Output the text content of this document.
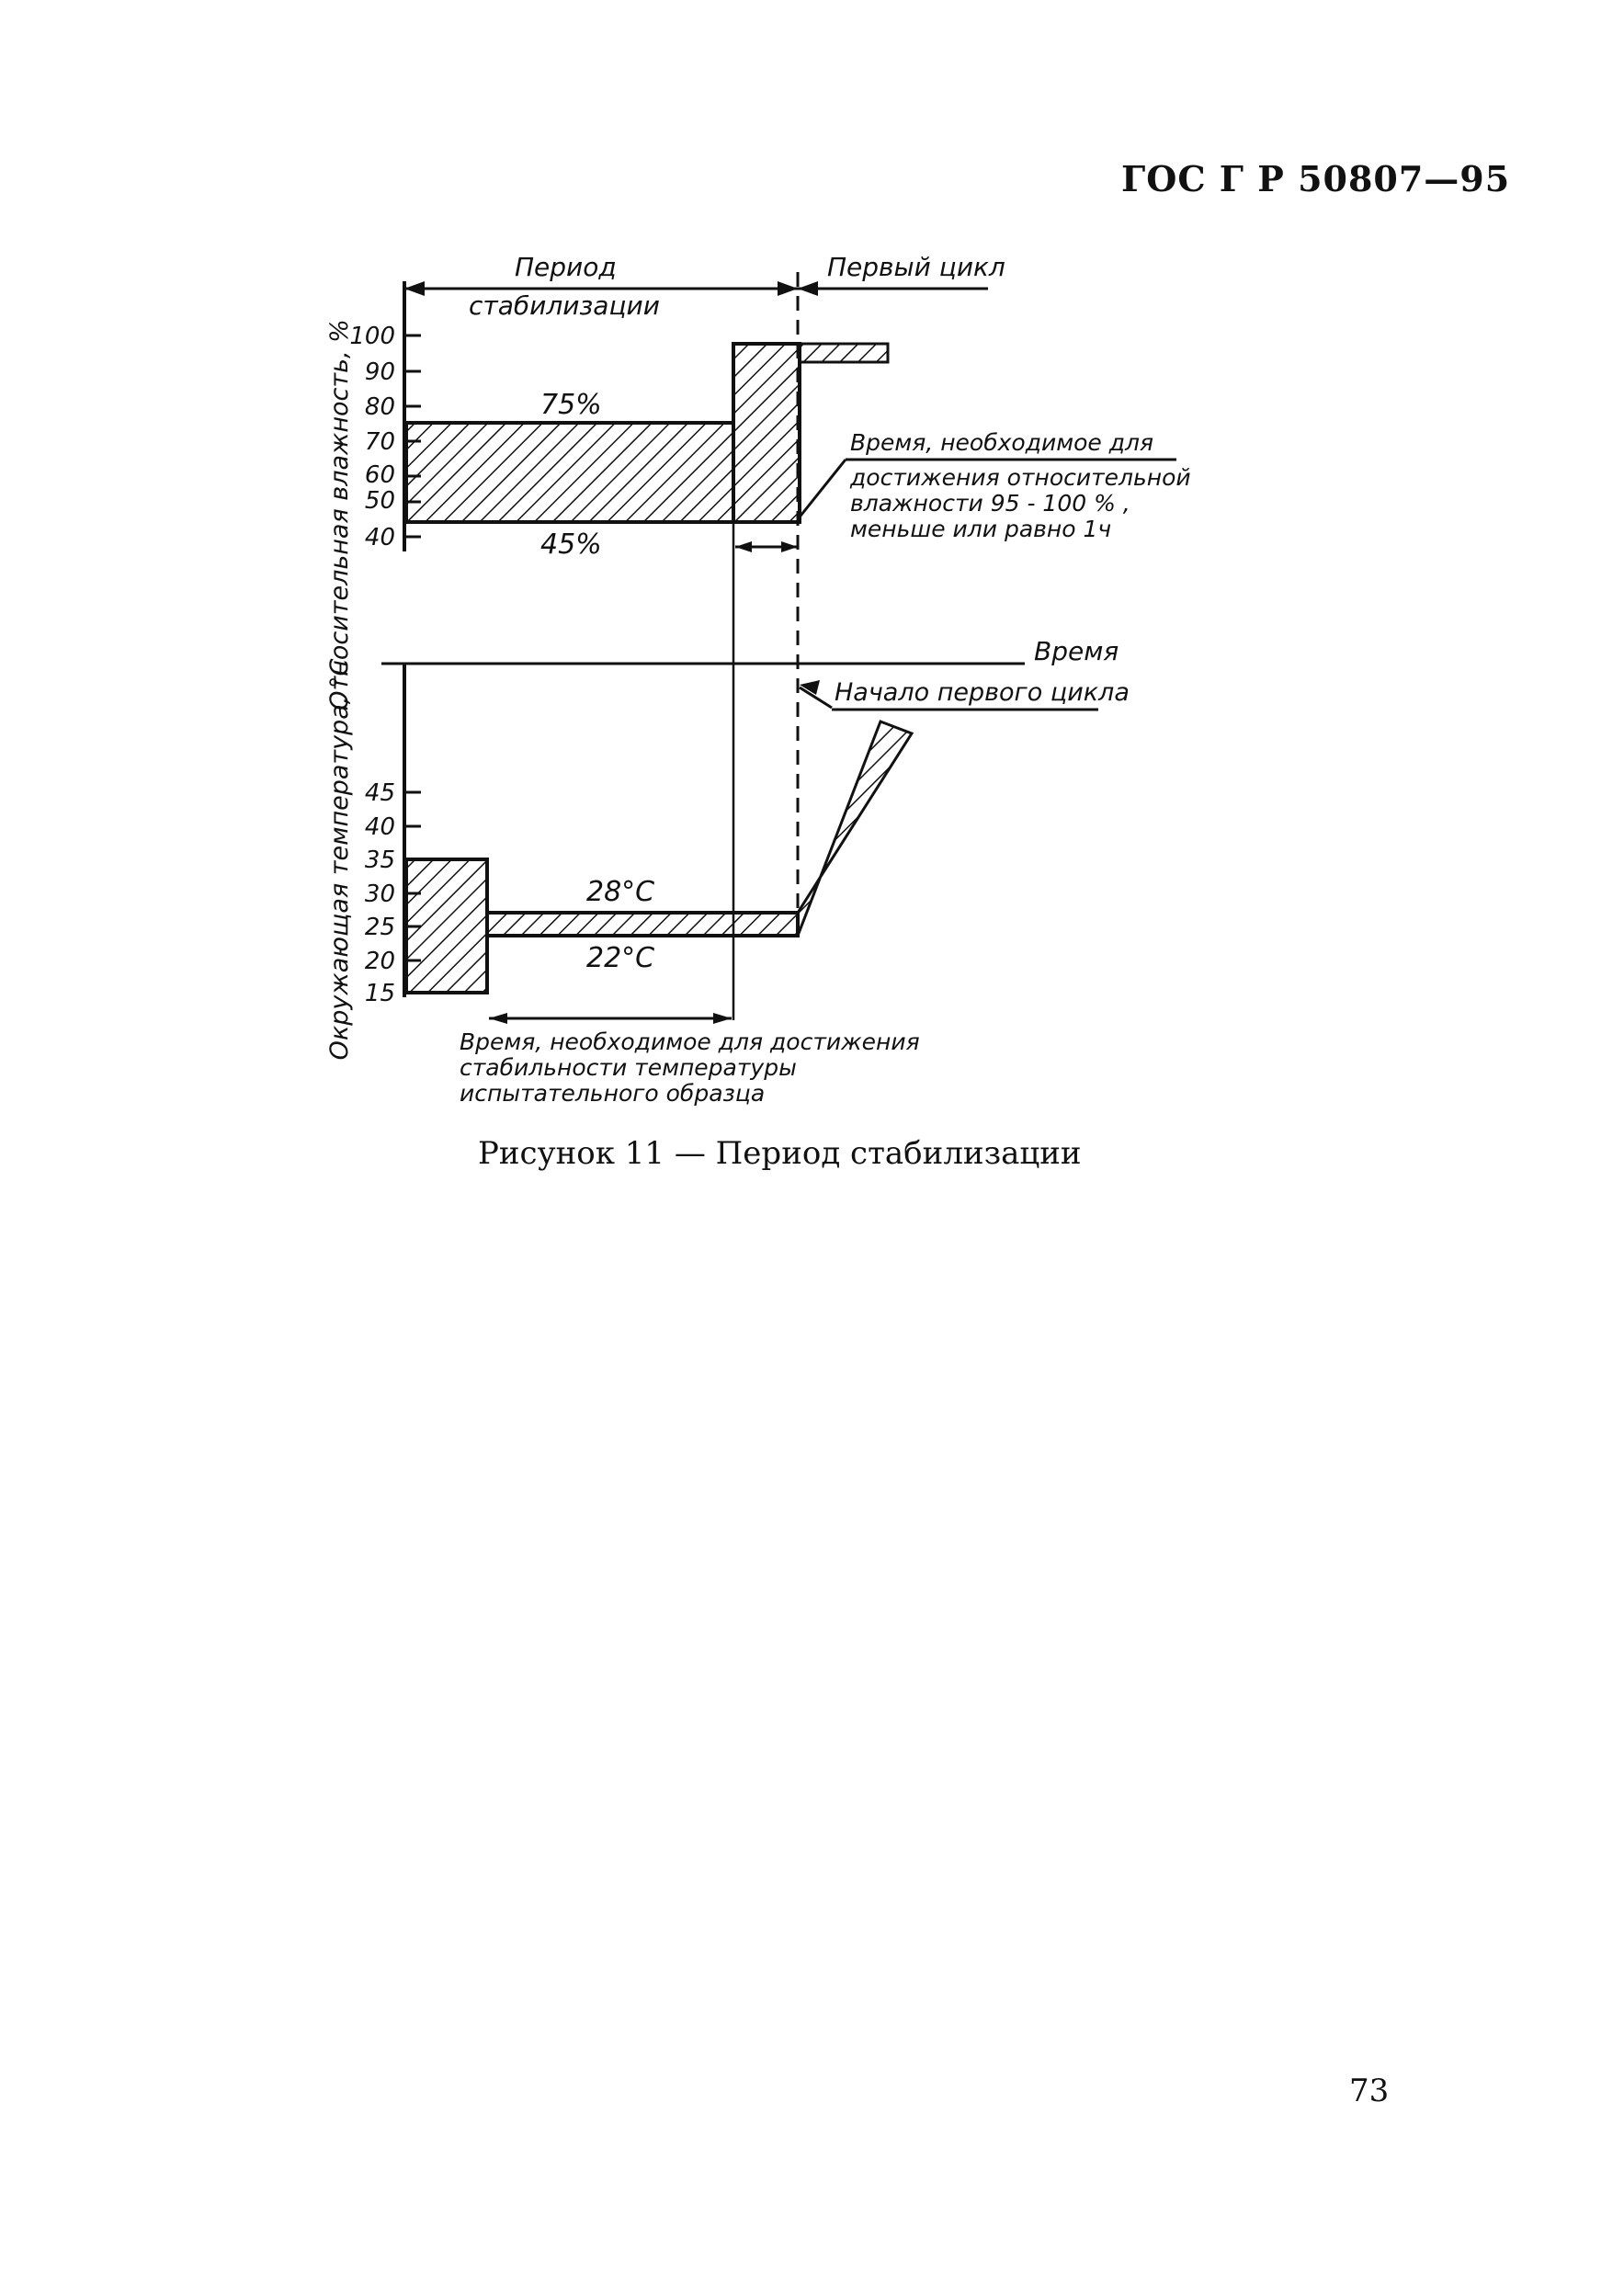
ГОС Г Р 50807—95
Период
стабилизации
Первый цикл
100
90
80
70
60
50
40
Относительная влажность, %	75%
45%
Время, необходимое для
достижения относительной
влажности 95 - 100 % ,
меньше или равно 1ч
Время
Начало первого цикла
45
40
35
30
25
20
15
Окружающая температура, °С	28°С
22°С
Время, необходимое для достижения
стабильности температуры
испытательного образца
Рисунок 11 — Период стабилизации
73
